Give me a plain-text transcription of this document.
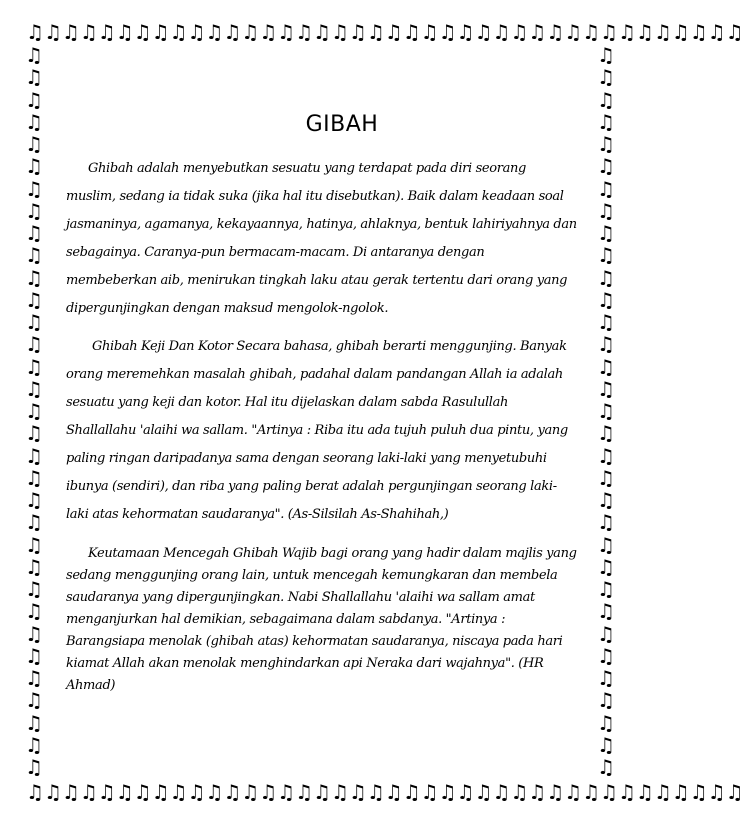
♫ ♫ ♫ ♫ ♫ ♫ ♫ ♫ ♫ ♫ ♫ ♫ ♫ ♫ ♫ ♫ ♫ ♫ ♫ ♫ ♫ ♫ ♫ ♫ ♫ ♫ ♫ ♫ ♫ ♫ ♫ ♫ ♫ ♫ ♫ ♫ ♫ ♫ ♫ ♫
♫ ♫ ♫ ♫ ♫ ♫ ♫ ♫ ♫ ♫ ♫ ♫ ♫ ♫ ♫ ♫ ♫ ♫ ♫ ♫ ♫ ♫ ♫ ♫ ♫ ♫ ♫ ♫ ♫ ♫ ♫ ♫ ♫ ♫ ♫ ♫ ♫ ♫ ♫ ♫
♫
♫
♫
♫
♫
♫
♫
♫
♫
♫
♫
♫
♫
♫
♫
♫
♫
♫
♫
♫
♫
♫
♫
♫
♫
♫
♫
♫
♫
♫
♫
♫
♫
♫
♫
♫
♫
♫
♫
♫
♫
♫
♫
♫
♫
♫
♫
♫
♫
♫
♫
♫
♫
♫
♫
♫
♫
♫
♫
♫
♫
♫
♫
♫
♫
♫
GIBAH

Ghibah adalah menyebutkan sesuatu yang terdapat pada diri seorang muslim, sedang ia tidak suka (jika hal itu disebutkan). Baik dalam keadaan soal jasmaninya, agamanya, kekayaannya, hatinya, ahlaknya, bentuk lahiriyahnya dan sebagainya. Caranya-pun bermacam-macam. Di antaranya dengan membeberkan aib, menirukan tingkah laku atau gerak tertentu dari orang yang dipergunjingkan dengan maksud mengolok-ngolok.

Ghibah Keji Dan Kotor Secara bahasa, ghibah berarti menggunjing. Banyak orang meremehkan masalah ghibah, padahal dalam pandangan Allah ia adalah sesuatu yang keji dan kotor. Hal itu dijelaskan dalam sabda Rasulullah Shallallahu 'alaihi wa sallam. "Artinya : Riba itu ada tujuh puluh dua pintu, yang paling ringan daripadanya sama dengan seorang laki-laki yang menyetubuhi ibunya (sendiri), dan riba yang paling berat adalah pergunjingan seorang laki-laki atas kehormatan saudaranya". (As-Silsilah As-Shahihah,)

Keutamaan Mencegah Ghibah Wajib bagi orang yang hadir dalam majlis yang sedang menggunjing orang lain, untuk mencegah kemungkaran dan membela saudaranya yang dipergunjingkan. Nabi Shallallahu 'alaihi wa sallam amat menganjurkan hal demikian, sebagaimana dalam sabdanya. "Artinya : Barangsiapa menolak (ghibah atas) kehormatan saudaranya, niscaya pada hari kiamat Allah akan menolak menghindarkan api Neraka dari wajahnya". (HR Ahmad)
